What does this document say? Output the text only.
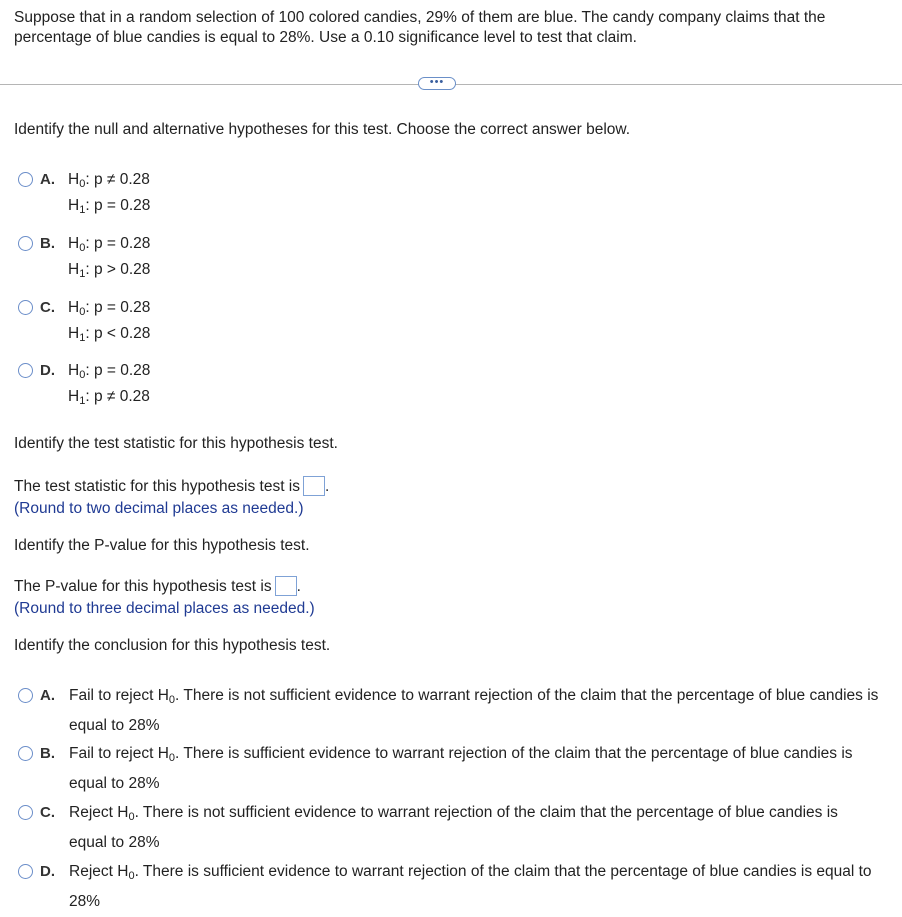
Suppose that in a random selection of 100 colored candies, 29% of them are blue. The candy company claims that the percentage of blue candies is equal to 28%. Use a 0.10 significance level to test that claim.
•••
Identify the null and alternative hypotheses for this test. Choose the correct answer below.
A. $H_0$: p ≠ 0.28
$H_1$: p = 0.28
B. $H_0$: p = 0.28
$H_1$: p > 0.28
C. $H_0$: p = 0.28
$H_1$: p < 0.28
D. $H_0$: p = 0.28
$H_1$: p ≠ 0.28
Identify the test statistic for this hypothesis test.
The test statistic for this hypothesis test is .
(Round to two decimal places as needed.)
Identify the P-value for this hypothesis test.
The P-value for this hypothesis test is .
(Round to three decimal places as needed.)
Identify the conclusion for this hypothesis test.
A. Fail to reject $H_0$. There is not sufficient evidence to warrant rejection of the claim that the percentage of blue candies is equal to 28%
B. Fail to reject $H_0$. There is sufficient evidence to warrant rejection of the claim that the percentage of blue candies is equal to 28%
C. Reject $H_0$. There is not sufficient evidence to warrant rejection of the claim that the percentage of blue candies is equal to 28%
D. Reject $H_0$. There is sufficient evidence to warrant rejection of the claim that the percentage of blue candies is equal to 28%
